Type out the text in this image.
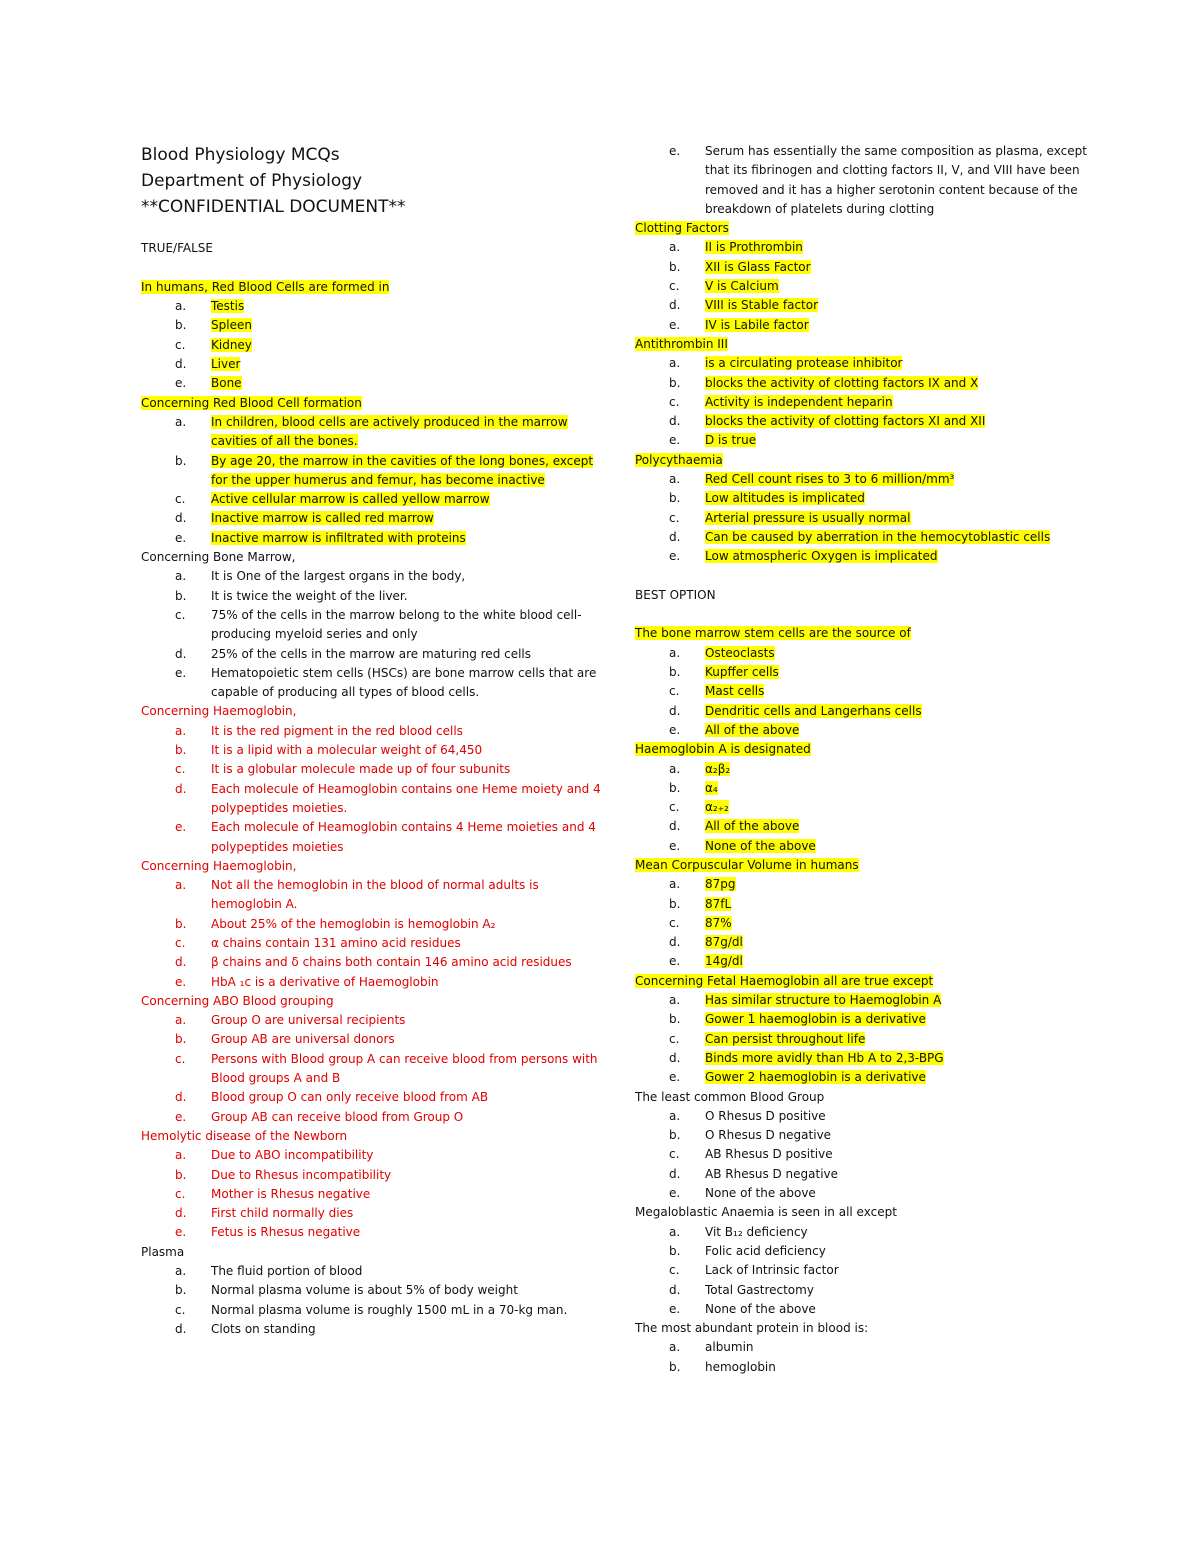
Blood Physiology MCQs

Department of Physiology

**CONFIDENTIAL DOCUMENT**

TRUE/FALSE

In humans, Red Blood Cells are formed in

a. Testis
b. Spleen
c. Kidney
d. Liver
e. Bone

Concerning Red Blood Cell formation

a. In children, blood cells are actively produced in the marrow cavities of all the bones.
b. By age 20, the marrow in the cavities of the long bones, except for the upper humerus and femur, has become inactive
c. Active cellular marrow is called yellow marrow
d. Inactive marrow is called red marrow
e. Inactive marrow is infiltrated with proteins

Concerning Bone Marrow,

a. It is One of the largest organs in the body,
b. It is twice the weight of the liver.
c. 75% of the cells in the marrow belong to the white blood cell-producing myeloid series and only
d. 25% of the cells in the marrow are maturing red cells
e. Hematopoietic stem cells (HSCs) are bone marrow cells that are capable of producing all types of blood cells.

Concerning Haemoglobin,

a. It is the red pigment in the red blood cells
b. It is a lipid with a molecular weight of 64,450
c. It is a globular molecule made up of four subunits
d. Each molecule of Heamoglobin contains one Heme moiety and 4 polypeptides moieties.
e. Each molecule of Heamoglobin contains 4 Heme moieties and 4 polypeptides moieties

Concerning Haemoglobin,

a. Not all the hemoglobin in the blood of normal adults is hemoglobin A.
b. About 25% of the hemoglobin is hemoglobin A₂
c. α chains contain 131 amino acid residues
d. β chains and δ chains both contain 146 amino acid residues
e. HbA ₁c is a derivative of Haemoglobin

Concerning ABO Blood grouping

a. Group O are universal recipients
b. Group AB are universal donors
c. Persons with Blood group A can receive blood from persons with Blood groups A and B
d. Blood group O can only receive blood from AB
e. Group AB can receive blood from Group O

Hemolytic disease of the Newborn

a. Due to ABO incompatibility
b. Due to Rhesus incompatibility
c. Mother is Rhesus negative
d. First child normally dies
e. Fetus is Rhesus negative

Plasma

a. The fluid portion of blood
b. Normal plasma volume is about 5% of body weight
c. Normal plasma volume is roughly 1500 mL in a 70-kg man.
d. Clots on standing
e. Serum has essentially the same composition as plasma, except that its fibrinogen and clotting factors II, V, and VIII have been removed and it has a higher serotonin content because of the breakdown of platelets during clotting

Clotting Factors

a. II is Prothrombin
b. XII is Glass Factor
c. V is Calcium
d. VIII is Stable factor
e. IV is Labile factor

Antithrombin III

a. is a circulating protease inhibitor
b. blocks the activity of clotting factors IX and X
c. Activity is independent heparin
d. blocks the activity of clotting factors XI and XII
e. D is true

Polycythaemia

a. Red Cell count rises to 3 to 6 million/mm³
b. Low altitudes is implicated
c. Arterial pressure is usually normal
d. Can be caused by aberration in the hemocytoblastic cells
e. Low atmospheric Oxygen is implicated

BEST OPTION

The bone marrow stem cells are the source of

a. Osteoclasts
b. Kupffer cells
c. Mast cells
d. Dendritic cells and Langerhans cells
e. All of the above

Haemoglobin A is designated

a. α₂β₂
b. α₄
c. α₂₊₂
d. All of the above
e. None of the above

Mean Corpuscular Volume in humans

a. 87pg
b. 87fL
c. 87%
d. 87g/dl
e. 14g/dl

Concerning Fetal Haemoglobin all are true except

a. Has similar structure to Haemoglobin A
b. Gower 1 haemoglobin is a derivative
c. Can persist throughout life
d. Binds more avidly than Hb A to 2,3-BPG
e. Gower 2 haemoglobin is a derivative

The least common Blood Group

a. O Rhesus D positive
b. O Rhesus D negative
c. AB Rhesus D positive
d. AB Rhesus D negative
e. None of the above

Megaloblastic Anaemia is seen in all except

a. Vit B₁₂ deficiency
b. Folic acid deficiency
c. Lack of Intrinsic factor
d. Total Gastrectomy
e. None of the above

The most abundant protein in blood is:

a. albumin
b. hemoglobin
